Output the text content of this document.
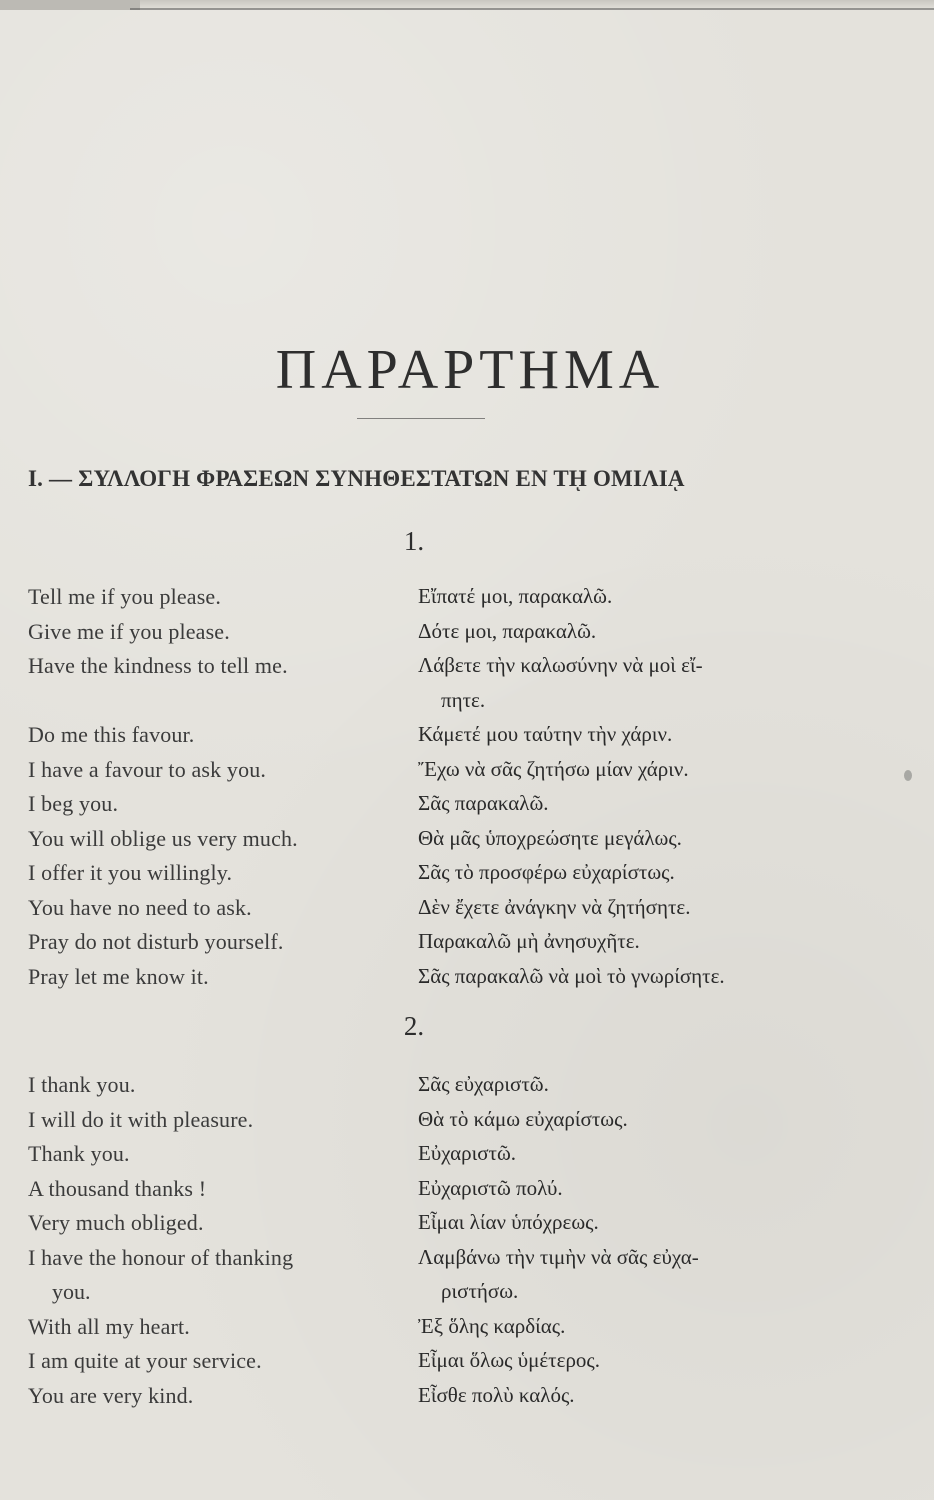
ΠΑΡΑΡΤΗΜΑ
I. — ΣΥΛΛΟΓΗ ΦΡΑΣΕΩΝ ΣΥΝΗΘΕΣΤΑΤΩΝ ΕΝ Τῌ ΟΜΙΛΙᾼ
1.
Tell me if you please.	Εἴπατέ μοι, παρακαλῶ.
Give me if you please.	Δότε μοι, παρακαλῶ.
Have the kindness to tell me.	Λάβετε τὴν καλωσύνην νὰ μοὶ εἴ-
πητε.
Do me this favour.	Κάμετέ μου ταύτην τὴν χάριν.
I have a favour to ask you.	Ἔχω νὰ σᾶς ζητήσω μίαν χάριν.
I beg you.	Σᾶς παρακαλῶ.
You will oblige us very much.	Θὰ μᾶς ὑποχρεώσητε μεγάλως.
I offer it you willingly.	Σᾶς τὸ προσφέρω εὐχαρίστως.
You have no need to ask.	Δὲν ἔχετε ἀνάγκην νὰ ζητήσητε.
Pray do not disturb yourself.	Παρακαλῶ μὴ ἀνησυχῆτε.
Pray let me know it.	Σᾶς παρακαλῶ νὰ μοὶ τὸ γνωρίσητε.
2.
I thank you.	Σᾶς εὐχαριστῶ.
I will do it with pleasure.	Θὰ τὸ κάμω εὐχαρίστως.
Thank you.	Εὐχαριστῶ.
A thousand thanks !	Εὐχαριστῶ πολύ.
Very much obliged.	Εἶμαι λίαν ὑπόχρεως.
I have the honour of thanking	Λαμβάνω τὴν τιμὴν νὰ σᾶς εὐχα-
you.	ριστήσω.
With all my heart.	Ἐξ ὅλης καρδίας.
I am quite at your service.	Εἶμαι ὅλως ὑμέτερος.
You are very kind.	Εἶσθε πολὺ καλός.
